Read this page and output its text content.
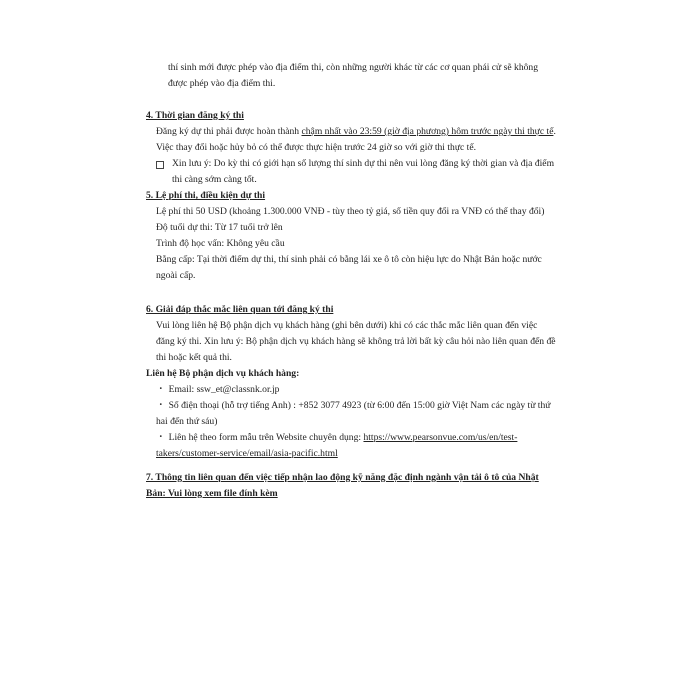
thí sinh mới được phép vào địa điểm thi, còn những người khác từ các cơ quan phái cử sẽ không

được phép vào địa điểm thi.

4. Thời gian đăng ký thi

Đăng ký dự thi phải được hoàn thành chậm nhất vào 23:59 (giờ địa phương) hôm trước ngày thi thực tế. Việc thay đổi hoặc hủy bỏ có thể được thực hiện trước 24 giờ so với giờ thi thực tế.

Xin lưu ý: Do kỳ thi có giới hạn số lượng thí sinh dự thi nên vui lòng đăng ký thời gian và địa điểm thi càng sớm càng tốt.

5. Lệ phí thi, điều kiện dự thi

Lệ phí thi 50 USD (khoảng 1.300.000 VNĐ - tùy theo tỷ giá, số tiền quy đổi ra VNĐ có thể thay đổi)

Độ tuổi dự thi: Từ 17 tuổi trở lên

Trình độ học vấn: Không yêu cầu

Bằng cấp: Tại thời điểm dự thi, thí sinh phải có bằng lái xe ô tô còn hiệu lực do Nhật Bản hoặc nước ngoài cấp.

6. Giải đáp thắc mắc liên quan tới đăng ký thi

Vui lòng liên hệ Bộ phận dịch vụ khách hàng (ghi bên dưới) khi có các thắc mắc liên quan đến việc đăng ký thi. Xin lưu ý: Bộ phận dịch vụ khách hàng sẽ không trả lời bất kỳ câu hỏi nào liên quan đến đề thi hoặc kết quả thi.

Liên hệ Bộ phận dịch vụ khách hàng:

・ Email: ssw_et@classnk.or.jp

・ Số điện thoại (hỗ trợ tiếng Anh) : +852 3077 4923 (từ 6:00 đến 15:00 giờ Việt Nam các ngày từ thứ hai đến thứ sáu)

・ Liên hệ theo form mẫu trên Website chuyên dụng: https://www.pearsonvue.com/us/en/test-takers/customer-service/email/asia-pacific.html

7. Thông tin liên quan đến việc tiếp nhận lao động kỹ năng đặc định ngành vận tải ô tô của Nhật Bản: Vui lòng xem file đính kèm
